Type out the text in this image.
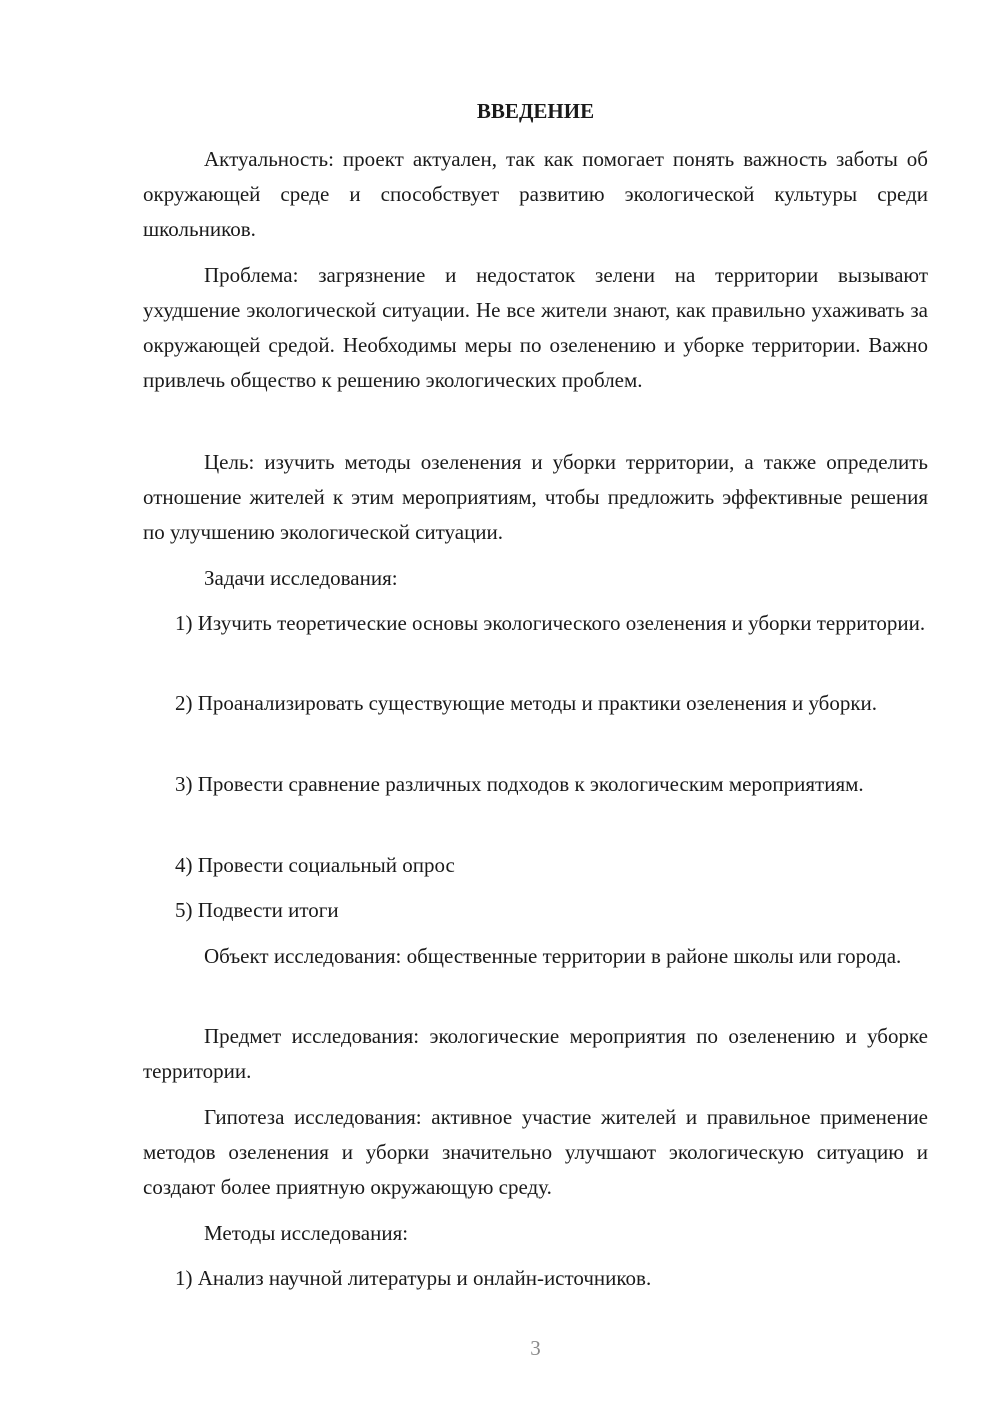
ВВЕДЕНИЕ

Актуальность: проект актуален, так как помогает понять важность заботы об окружающей среде и способствует развитию экологической культуры среди школьников.

Проблема: загрязнение и недостаток зелени на территории вызывают ухудшение экологической ситуации. Не все жители знают, как правильно ухаживать за окружающей средой. Необходимы меры по озеленению и уборке территории. Важно привлечь общество к решению экологических проблем.

Цель: изучить методы озеленения и уборки территории, а также определить отношение жителей к этим мероприятиям, чтобы предложить эффективные решения по улучшению экологической ситуации.

Задачи исследования:

1) Изучить теоретические основы экологического озеленения и уборки территории.

2) Проанализировать существующие методы и практики озеленения и уборки.

3) Провести сравнение различных подходов к экологическим мероприятиям.

4) Провести социальный опрос

5) Подвести итоги

Объект исследования: общественные территории в районе школы или города.

Предмет исследования: экологические мероприятия по озеленению и уборке территории.

Гипотеза исследования: активное участие жителей и правильное применение методов озеленения и уборки значительно улучшают экологическую ситуацию и создают более приятную окружающую среду.

Методы исследования:

1) Анализ научной литературы и онлайн-источников.

3
